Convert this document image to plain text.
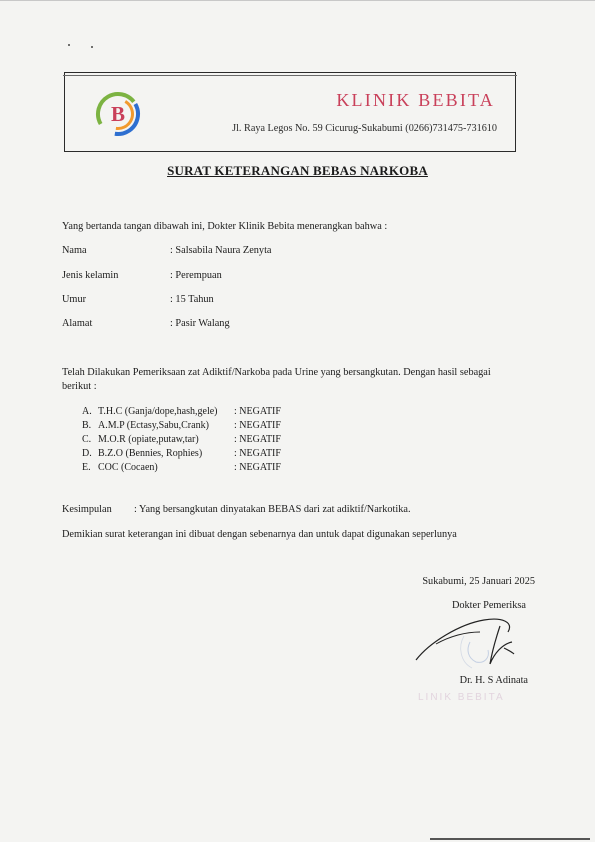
B
KLINIK BEBITA
Jl. Raya Legos No. 59 Cicurug-Sukabumi (0266)731475-731610
SURAT KETERANGAN BEBAS NARKOBA
Yang bertanda tangan dibawah ini, Dokter Klinik Bebita menerangkan bahwa :
Nama	: Salsabila Naura Zenyta
Jenis kelamin	: Perempuan
Umur	: 15 Tahun
Alamat	: Pasir Walang
Telah Dilakukan Pemeriksaan zat Adiktif/Narkoba pada Urine yang bersangkutan. Dengan hasil sebagai
berikut :
A. T.H.C (Ganja/dope,hash,gele) : NEGATIF
B. A.M.P (Ectasy,Sabu,Crank)	: NEGATIF
C. M.O.R (opiate,putaw,tar)	: NEGATIF
D. B.Z.O (Bennies, Rophies)	: NEGATIF
E. COC (Cocaen)	: NEGATIF
Kesimpulan : Yang bersangkutan dinyatakan BEBAS dari zat adiktif/Narkotika.
Demikian surat keterangan ini dibuat dengan sebenarnya dan untuk dapat digunakan seperlunya
Sukabumi, 25 Januari 2025
Dokter Pemeriksa
Dr. H. S Adinata
LINIK BEBITA
